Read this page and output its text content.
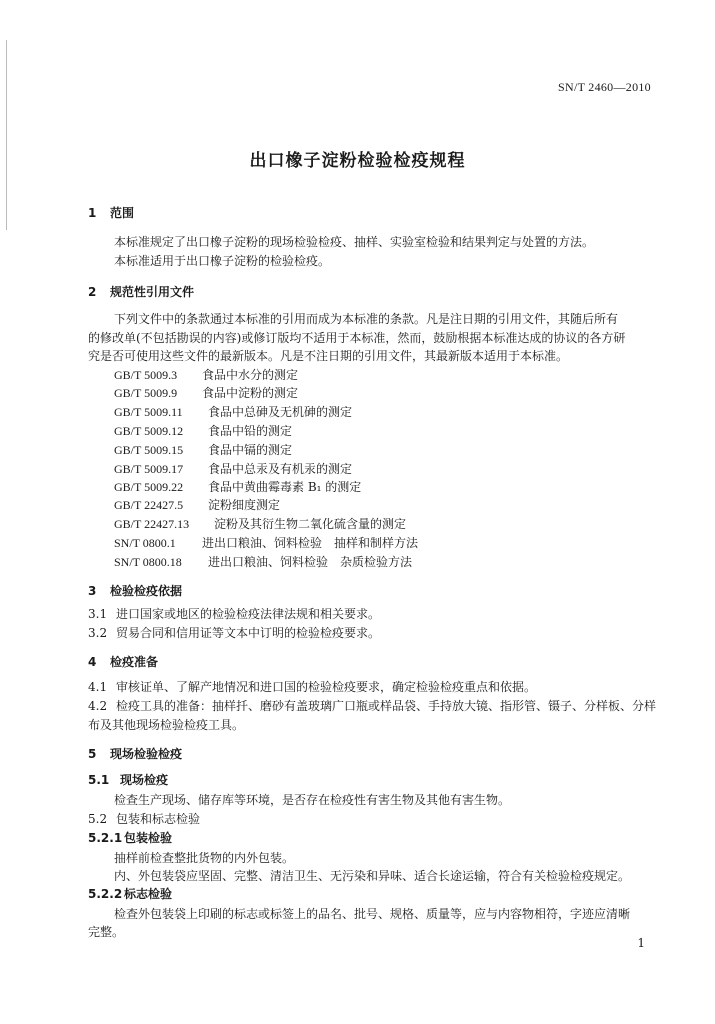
SN/T 2460—2010
出口橡子淀粉检验检疫规程
1 范围
本标准规定了出口橡子淀粉的现场检验检疫、抽样、实验室检验和结果判定与处置的方法。
本标准适用于出口橡子淀粉的检验检疫。
2 规范性引用文件
下列文件中的条款通过本标准的引用而成为本标准的条款。凡是注日期的引用文件，其随后所有
的修改单(不包括勘误的内容)或修订版均不适用于本标准，然而，鼓励根据本标准达成的协议的各方研
究是否可使用这些文件的最新版本。凡是不注日期的引用文件，其最新版本适用于本标准。
GB/T 5009.3 食品中水分的测定
GB/T 5009.9 食品中淀粉的测定
GB/T 5009.11 食品中总砷及无机砷的测定
GB/T 5009.12 食品中铅的测定
GB/T 5009.15 食品中镉的测定
GB/T 5009.17 食品中总汞及有机汞的测定
GB/T 5009.22 食品中黄曲霉毒素 B₁ 的测定
GB/T 22427.5 淀粉细度测定
GB/T 22427.13 淀粉及其衍生物二氧化硫含量的测定
SN/T 0800.1 进出口粮油、饲料检验　抽样和制样方法
SN/T 0800.18 进出口粮油、饲料检验　杂质检验方法
3 检验检疫依据
3.1 进口国家或地区的检验检疫法律法规和相关要求。
3.2 贸易合同和信用证等文本中订明的检验检疫要求。
4 检疫准备
4.1 审核证单、了解产地情况和进口国的检验检疫要求，确定检验检疫重点和依据。
4.2 检疫工具的准备：抽样扦、磨砂有盖玻璃广口瓶或样品袋、手持放大镜、指形管、镊子、分样板、分样
布及其他现场检验检疫工具。
5 现场检验检疫
5.1 现场检疫
检查生产现场、储存库等环境，是否存在检疫性有害生物及其他有害生物。
5.2 包装和标志检验
5.2.1 包装检验
抽样前检查整批货物的内外包装。
内、外包装袋应坚固、完整、清洁卫生、无污染和异味、适合长途运输，符合有关检验检疫规定。
5.2.2 标志检验
检查外包装袋上印刷的标志或标签上的品名、批号、规格、质量等，应与内容物相符，字迹应清晰
完整。
1
